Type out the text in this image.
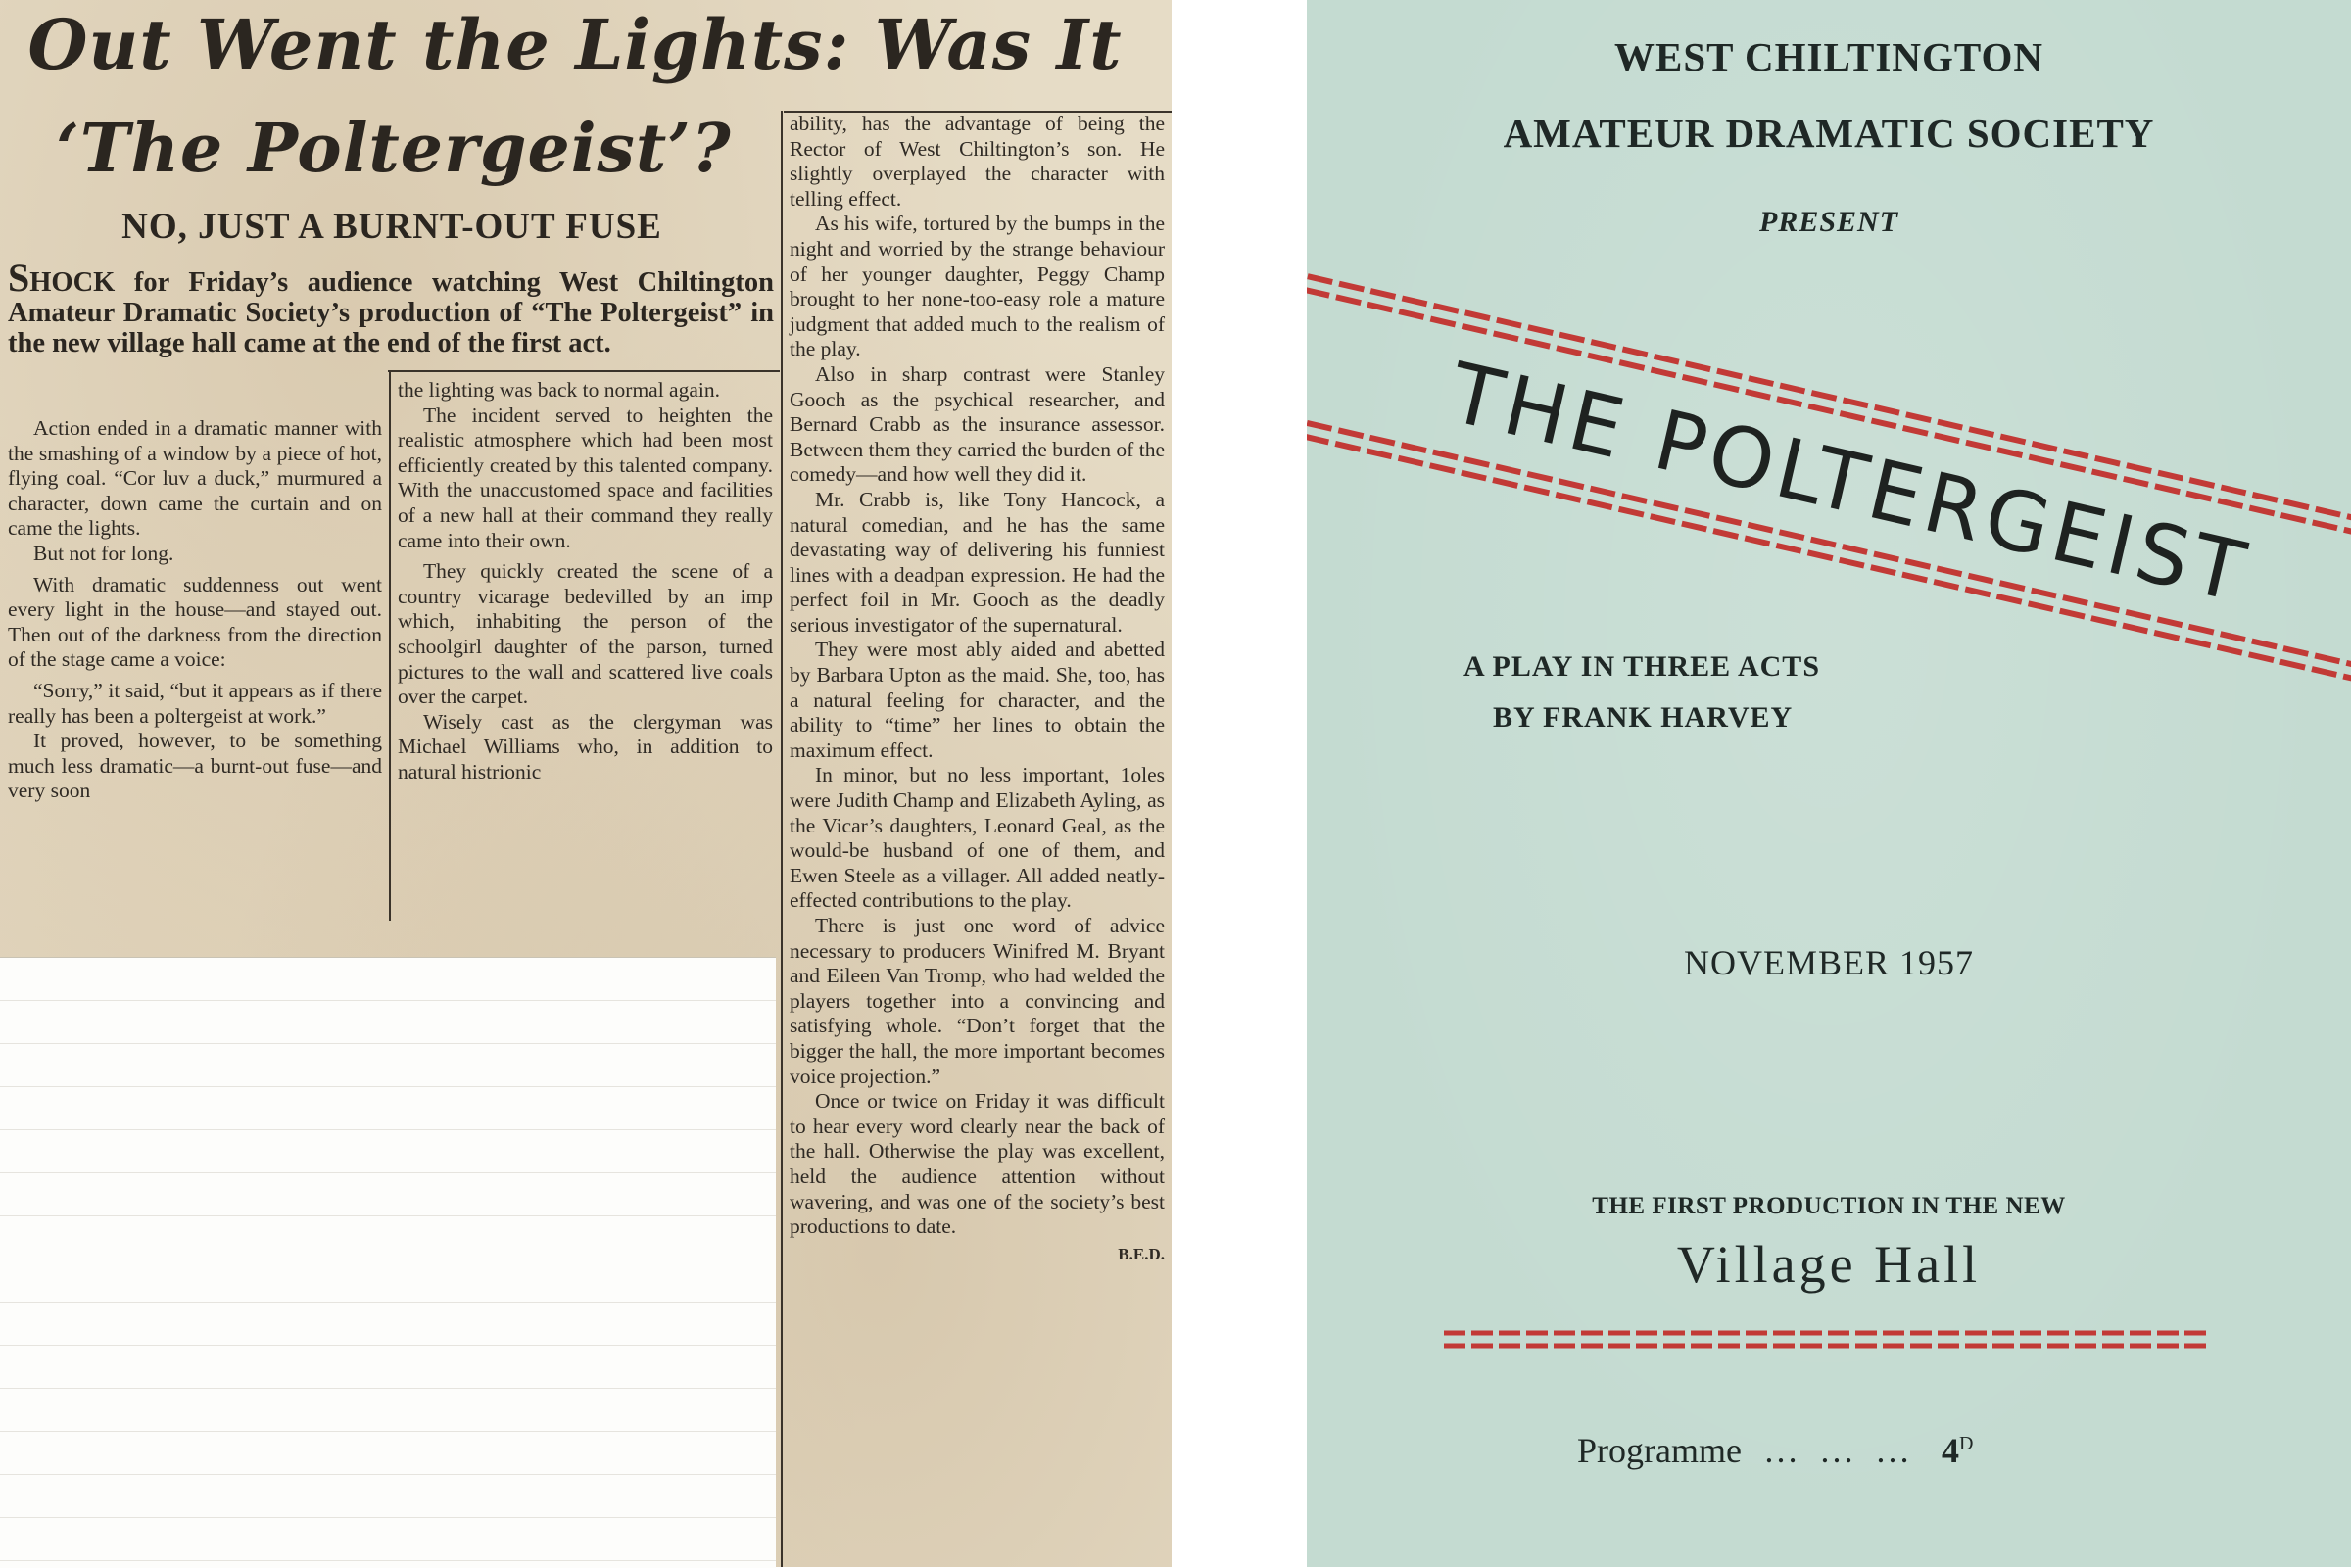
Out Went the Lights: Was It
‘The Poltergeist’?
NO, JUST A BURNT-OUT FUSE

SHOCK for Friday’s audience watching West Chiltington Amateur Dramatic Society’s production of “The Poltergeist” in the new village hall came at the end of the first act.

Action ended in a dramatic manner with the smashing of a window by a piece of hot, flying coal. “Cor luv a duck,” murmured a character, down came the curtain and on came the lights.

But not for long.

With dramatic suddenness out went every light in the house—and stayed out. Then out of the darkness from the direction of the stage came a voice:

“Sorry,” it said, “but it appears as if there really has been a poltergeist at work.”

It proved, however, to be something much less dramatic—a burnt-out fuse—and very soon

the lighting was back to normal again.

The incident served to heighten the realistic atmosphere which had been most efficiently created by this talented company. With the unaccustomed space and facilities of a new hall at their command they really came into their own.

They quickly created the scene of a country vicarage bedevilled by an imp which, inhabiting the person of the schoolgirl daughter of the parson, turned pictures to the wall and scattered live coals over the carpet.

Wisely cast as the clergyman was Michael Williams who, in addition to natural histrionic

ability, has the advantage of being the Rector of West Chiltington’s son. He slightly overplayed the character with telling effect.

As his wife, tortured by the bumps in the night and worried by the strange behaviour of her younger daughter, Peggy Champ brought to her none-too-easy role a mature judgment that added much to the realism of the play.

Also in sharp contrast were Stanley Gooch as the psychical researcher, and Bernard Crabb as the insurance assessor. Between them they carried the burden of the comedy—and how well they did it.

Mr. Crabb is, like Tony Hancock, a natural comedian, and he has the same devastating way of delivering his funniest lines with a deadpan expression. He had the perfect foil in Mr. Gooch as the deadly serious investigator of the supernatural.

They were most ably aided and abetted by Barbara Upton as the maid. She, too, has a natural feeling for character, and the ability to “time” her lines to obtain the maximum effect.

In minor, but no less important, 1oles were Judith Champ and Elizabeth Ayling, as the Vicar’s daughters, Leonard Geal, as the would-be husband of one of them, and Ewen Steele as a villager. All added neatly-effected contributions to the play.

There is just one word of advice necessary to producers Winifred M. Bryant and Eileen Van Tromp, who had welded the players together into a convincing and satisfying whole. “Don’t forget that the bigger the hall, the more important becomes voice projection.”

Once or twice on Friday it was difficult to hear every word clearly near the back of the hall. Otherwise the play was excellent, held the audience attention without wavering, and was one of the society’s best productions to date.

B.E.D.

WEST CHILTINGTON

AMATEUR DRAMATIC SOCIETY

PRESENT

THE POLTERGEIST

A PLAY IN THREE ACTS

BY FRANK HARVEY

NOVEMBER 1957

THE FIRST PRODUCTION IN THE NEW

Village Hall

Programme … … … $4^D$
